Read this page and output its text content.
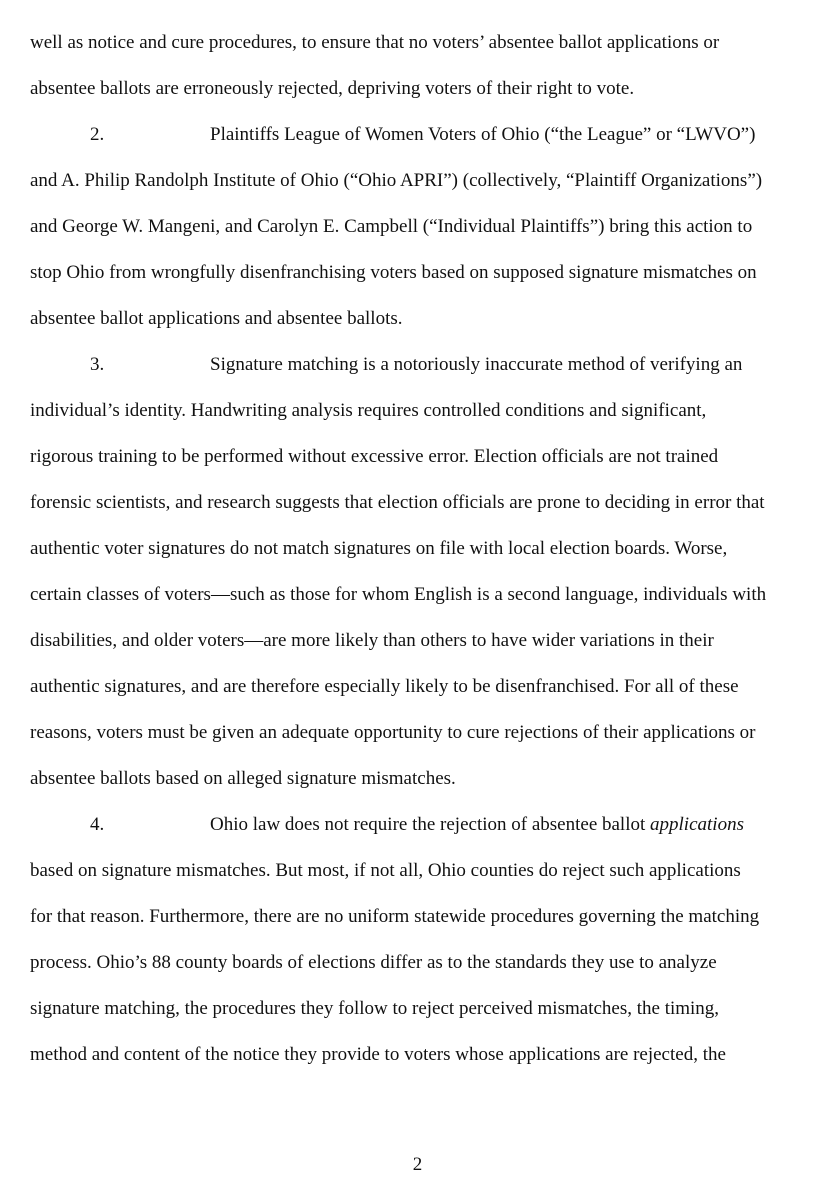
well as notice and cure procedures, to ensure that no voters’ absentee ballot applications or
absentee ballots are erroneously rejected, depriving voters of their right to vote.
2.	Plaintiffs League of Women Voters of Ohio (“the League” or “LWVO”)
and A. Philip Randolph Institute of Ohio (“Ohio APRI”) (collectively, “Plaintiff Organizations”)
and George W. Mangeni, and Carolyn E. Campbell (“Individual Plaintiffs”) bring this action to
stop Ohio from wrongfully disenfranchising voters based on supposed signature mismatches on
absentee ballot applications and absentee ballots.
3.	Signature matching is a notoriously inaccurate method of verifying an
individual’s identity. Handwriting analysis requires controlled conditions and significant,
rigorous training to be performed without excessive error. Election officials are not trained
forensic scientists, and research suggests that election officials are prone to deciding in error that
authentic voter signatures do not match signatures on file with local election boards. Worse,
certain classes of voters—such as those for whom English is a second language, individuals with
disabilities, and older voters—are more likely than others to have wider variations in their
authentic signatures, and are therefore especially likely to be disenfranchised. For all of these
reasons, voters must be given an adequate opportunity to cure rejections of their applications or
absentee ballots based on alleged signature mismatches.
4.	Ohio law does not require the rejection of absentee ballot applications
based on signature mismatches. But most, if not all, Ohio counties do reject such applications
for that reason. Furthermore, there are no uniform statewide procedures governing the matching
process. Ohio’s 88 county boards of elections differ as to the standards they use to analyze
signature matching, the procedures they follow to reject perceived mismatches, the timing,
method and content of the notice they provide to voters whose applications are rejected, the
2
